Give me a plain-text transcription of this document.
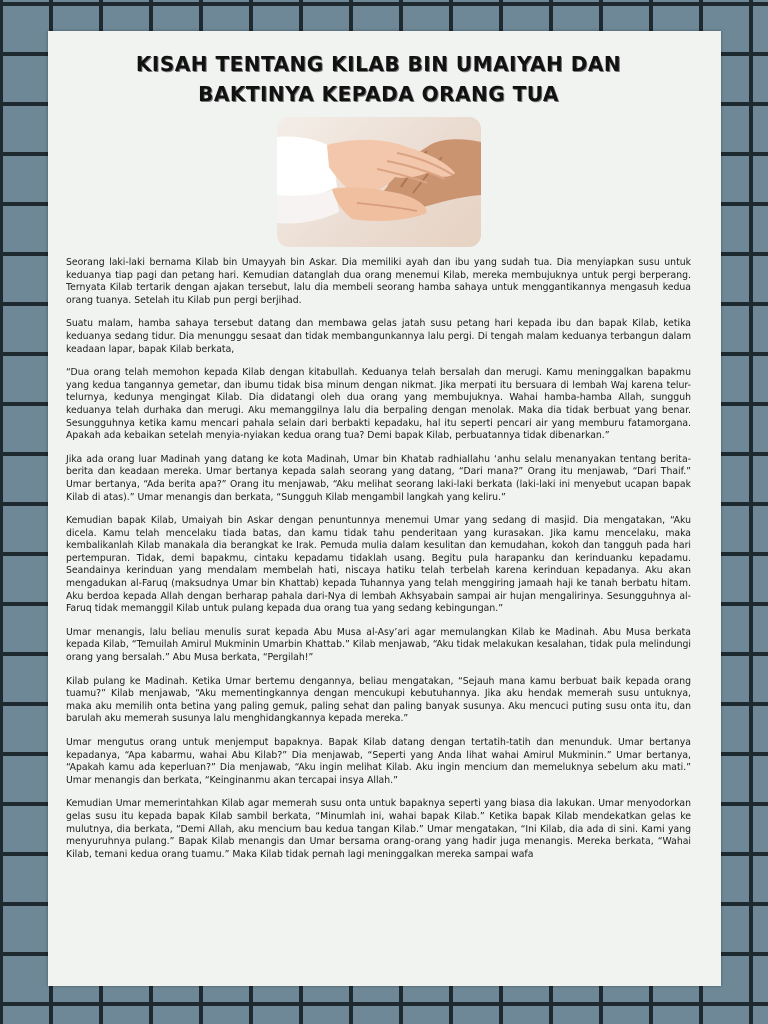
KISAH TENTANG KILAB BIN UMAIYAH DAN
BAKTINYA KEPADA ORANG TUA

Seorang laki-laki bernama Kilab bin Umayyah bin Askar. Dia memiliki ayah dan ibu yang sudah tua. Dia menyiapkan susu untuk keduanya tiap pagi dan petang hari. Kemudian datanglah dua orang menemui Kilab, mereka membujuknya untuk pergi berperang. Ternyata Kilab tertarik dengan ajakan tersebut, lalu dia membeli seorang hamba sahaya untuk menggantikannya mengasuh kedua orang tuanya. Setelah itu Kilab pun pergi berjihad.

Suatu malam, hamba sahaya tersebut datang dan membawa gelas jatah susu petang hari kepada ibu dan bapak Kilab, ketika keduanya sedang tidur. Dia menunggu sesaat dan tidak membangunkannya lalu pergi. Di tengah malam keduanya terbangun dalam keadaan lapar, bapak Kilab berkata,

“Dua orang telah memohon kepada Kilab dengan kitabullah. Keduanya telah bersalah dan merugi. Kamu meninggalkan bapakmu yang kedua tangannya gemetar, dan ibumu tidak bisa minum dengan nikmat. Jika merpati itu bersuara di lembah Waj karena telur-telurnya, kedunya mengingat Kilab. Dia didatangi oleh dua orang yang membujuknya. Wahai hamba-hamba Allah, sungguh keduanya telah durhaka dan merugi. Aku memanggilnya lalu dia berpaling dengan menolak. Maka dia tidak berbuat yang benar. Sesungguhnya ketika kamu mencari pahala selain dari berbakti kepadaku, hal itu seperti pencari air yang memburu fatamorgana. Apakah ada kebaikan setelah menyia-nyiakan kedua orang tua? Demi bapak Kilab, perbuatannya tidak dibenarkan.”

Jika ada orang luar Madinah yang datang ke kota Madinah, Umar bin Khatab radhiallahu ‘anhu selalu menanyakan tentang berita-berita dan keadaan mereka. Umar bertanya kepada salah seorang yang datang, “Dari mana?” Orang itu menjawab, “Dari Thaif.” Umar bertanya, “Ada berita apa?” Orang itu menjawab, “Aku melihat seorang laki-laki berkata (laki-laki ini menyebut ucapan bapak Kilab di atas).” Umar menangis dan berkata, “Sungguh Kilab mengambil langkah yang keliru.”

Kemudian bapak Kilab, Umaiyah bin Askar dengan penuntunnya menemui Umar yang sedang di masjid. Dia mengatakan, “Aku dicela. Kamu telah mencelaku tiada batas, dan kamu tidak tahu penderitaan yang kurasakan. Jika kamu mencelaku, maka kembalikanlah Kilab manakala dia berangkat ke Irak. Pemuda mulia dalam kesulitan dan kemudahan, kokoh dan tangguh pada hari pertempuran. Tidak, demi bapakmu, cintaku kepadamu tidaklah usang. Begitu pula harapanku dan kerinduanku kepadamu. Seandainya kerinduan yang mendalam membelah hati, niscaya hatiku telah terbelah karena kerinduan kepadanya. Aku akan mengadukan al-Faruq (maksudnya Umar bin Khattab) kepada Tuhannya yang telah menggiring jamaah haji ke tanah berbatu hitam. Aku berdoa kepada Allah dengan berharap pahala dari-Nya di lembah Akhsyabain sampai air hujan mengalirinya. Sesungguhnya al-Faruq tidak memanggil Kilab untuk pulang kepada dua orang tua yang sedang kebingungan.”

Umar menangis, lalu beliau menulis surat kepada Abu Musa al-Asy’ari agar memulangkan Kilab ke Madinah. Abu Musa berkata kepada Kilab, “Temuilah Amirul Mukminin Umarbin Khattab.” Kilab menjawab, “Aku tidak melakukan kesalahan, tidak pula melindungi orang yang bersalah.” Abu Musa berkata, “Pergilah!”

Kilab pulang ke Madinah. Ketika Umar bertemu dengannya, beliau mengatakan, “Sejauh mana kamu berbuat baik kepada orang tuamu?” Kilab menjawab, “Aku mementingkannya dengan mencukupi kebutuhannya. Jika aku hendak memerah susu untuknya, maka aku memilih onta betina yang paling gemuk, paling sehat dan paling banyak susunya. Aku mencuci puting susu onta itu, dan barulah aku memerah susunya lalu menghidangkannya kepada mereka.”

Umar mengutus orang untuk menjemput bapaknya. Bapak Kilab datang dengan tertatih-tatih dan menunduk. Umar bertanya kepadanya, “Apa kabarmu, wahai Abu Kilab?” Dia menjawab, “Seperti yang Anda lihat wahai Amirul Mukminin.” Umar bertanya, “Apakah kamu ada keperluan?” Dia menjawab, “Aku ingin melihat Kilab. Aku ingin mencium dan memeluknya sebelum aku mati.” Umar menangis dan berkata, “Keinginanmu akan tercapai insya Allah.”

Kemudian Umar memerintahkan Kilab agar memerah susu onta untuk bapaknya seperti yang biasa dia lakukan. Umar menyodorkan gelas susu itu kepada bapak Kilab sambil berkata, “Minumlah ini, wahai bapak Kilab.” Ketika bapak Kilab mendekatkan gelas ke mulutnya, dia berkata, “Demi Allah, aku mencium bau kedua tangan Kilab.” Umar mengatakan, “Ini Kilab, dia ada di sini. Kami yang menyuruhnya pulang.” Bapak Kilab menangis dan Umar bersama orang-orang yang hadir juga menangis. Mereka berkata, “Wahai Kilab, temani kedua orang tuamu.” Maka Kilab tidak pernah lagi meninggalkan mereka sampai wafa
